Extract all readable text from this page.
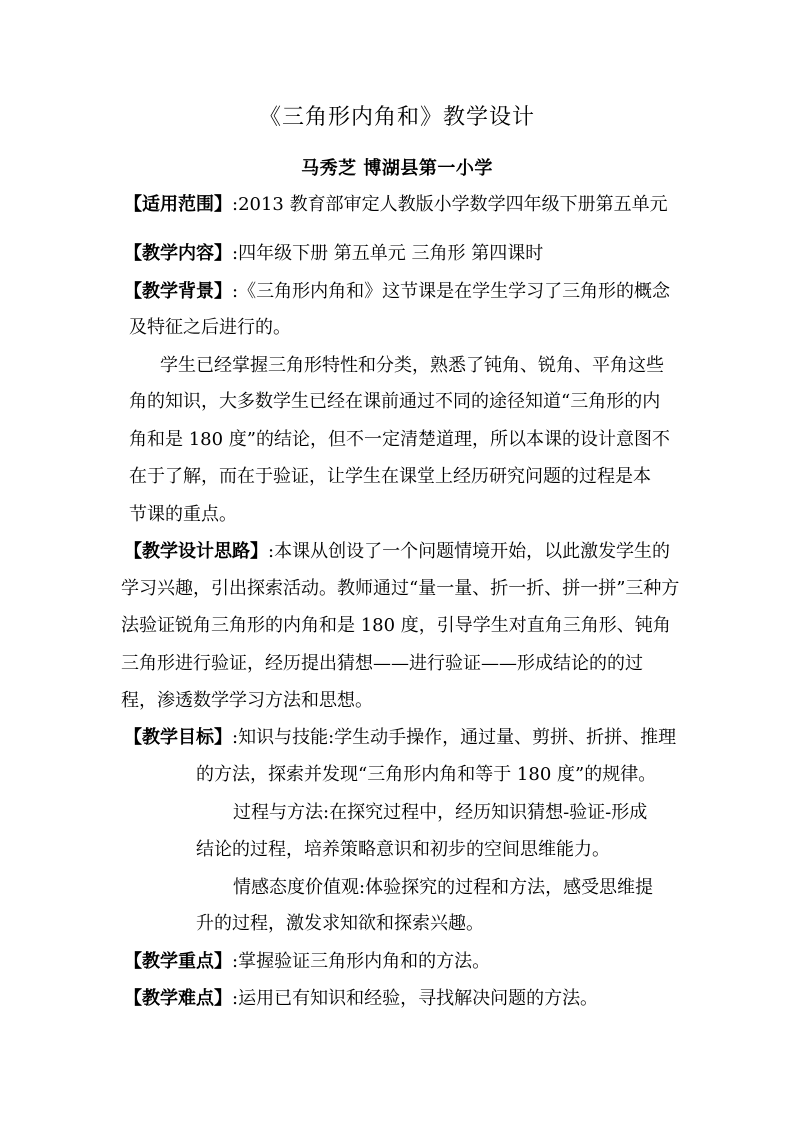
《三角形内角和》教学设计
马秀芝 博湖县第一小学
【适用范围】:2013 教育部审定人教版小学数学四年级下册第五单元
【教学内容】:四年级下册 第五单元 三角形 第四课时
【教学背景】:《三角形内角和》这节课是在学生学习了三角形的概念
及特征之后进行的。
学生已经掌握三角形特性和分类，熟悉了钝角、锐角、平角这些
角的知识，大多数学生已经在课前通过不同的途径知道“三角形的内
角和是 180 度”的结论，但不一定清楚道理，所以本课的设计意图不
在于了解，而在于验证，让学生在课堂上经历研究问题的过程是本
节课的重点。
【教学设计思路】:本课从创设了一个问题情境开始，以此激发学生的
学习兴趣，引出探索活动。教师通过“量一量、折一折、拼一拼”三种方
法验证锐角三角形的内角和是 180 度，引导学生对直角三角形、钝角
三角形进行验证，经历提出猜想——进行验证——形成结论的的过
程，渗透数学学习方法和思想。
【教学目标】:知识与技能:学生动手操作，通过量、剪拼、折拼、推理
的方法，探索并发现“三角形内角和等于 180 度”的规律。
过程与方法:在探究过程中，经历知识猜想-验证-形成
结论的过程，培养策略意识和初步的空间思维能力。
情感态度价值观:体验探究的过程和方法，感受思维提
升的过程，激发求知欲和探索兴趣。
【教学重点】:掌握验证三角形内角和的方法。
【教学难点】:运用已有知识和经验，寻找解决问题的方法。
